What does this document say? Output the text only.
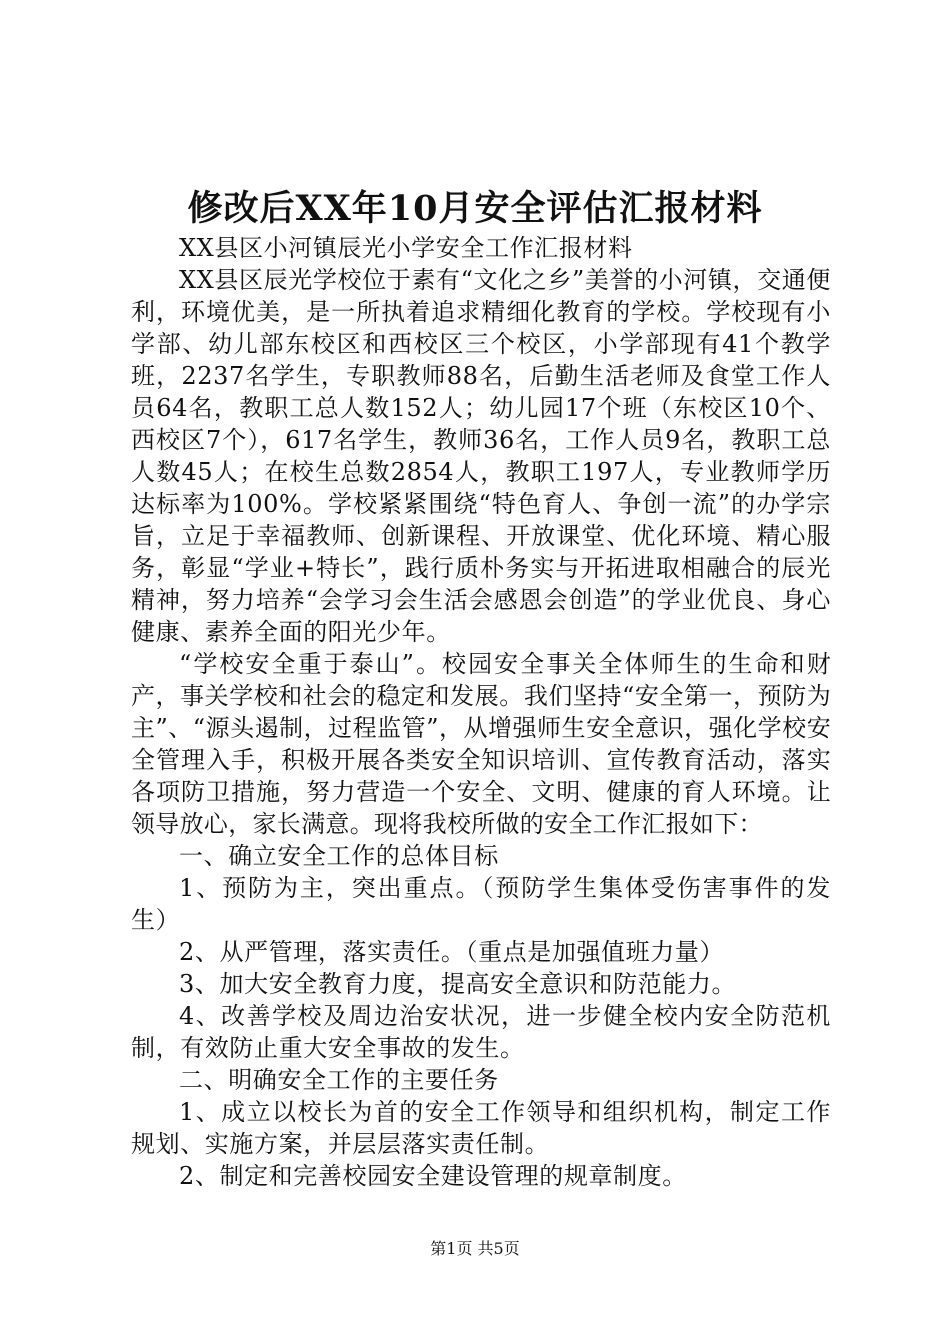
修改后XX年10月安全评估汇报材料

XX县区小河镇辰光小学安全工作汇报材料

XX县区辰光学校位于素有“文化之乡”美誉的小河镇，交通便利，环境优美，是一所执着追求精细化教育的学校。学校现有小学部、幼儿部东校区和西校区三个校区，小学部现有41个教学班，2237名学生，专职教师88名，后勤生活老师及食堂工作人员64名，教职工总人数152人；幼儿园17个班（东校区10个、西校区7个），617名学生，教师36名，工作人员9名，教职工总人数45人；在校生总数2854人，教职工197人，专业教师学历达标率为100%。学校紧紧围绕“特色育人、争创一流”的办学宗旨，立足于幸福教师、创新课程、开放课堂、优化环境、精心服务，彰显“学业+特长”，践行质朴务实与开拓进取相融合的辰光精神，努力培养“会学习会生活会感恩会创造”的学业优良、身心健康、素养全面的阳光少年。

“学校安全重于泰山”。校园安全事关全体师生的生命和财产，事关学校和社会的稳定和发展。我们坚持“安全第一，预防为主”、“源头遏制，过程监管”，从增强师生安全意识，强化学校安全管理入手，积极开展各类安全知识培训、宣传教育活动，落实各项防卫措施，努力营造一个安全、文明、健康的育人环境。让领导放心，家长满意。现将我校所做的安全工作汇报如下：

一、确立安全工作的总体目标

1、预防为主，突出重点。（预防学生集体受伤害事件的发生）

2、从严管理，落实责任。（重点是加强值班力量）

3、加大安全教育力度，提高安全意识和防范能力。

4、改善学校及周边治安状况，进一步健全校内安全防范机制，有效防止重大安全事故的发生。

二、明确安全工作的主要任务

1、成立以校长为首的安全工作领导和组织机构，制定工作规划、实施方案，并层层落实责任制。

2、制定和完善校园安全建设管理的规章制度。

第1页 共5页
